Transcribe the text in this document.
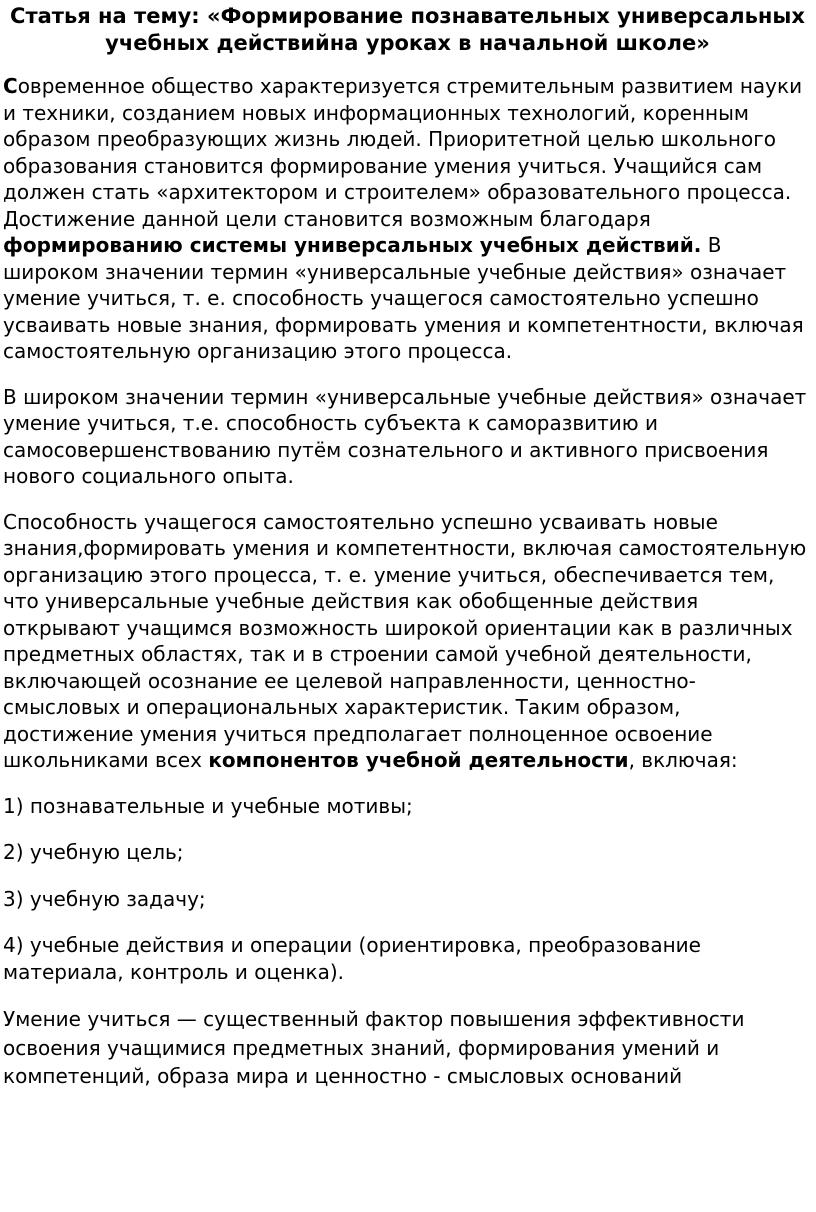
Статья на тему: «Формирование познавательных универсальных учебных действийна уроках в начальной школе»
Современное общество характеризуется стремительным развитием науки и техники, созданием новых информационных технологий, коренным образом преобразующих жизнь людей. Приоритетной целью школьного образования становится формирование умения учиться. Учащийся сам должен стать «архитектором и строителем» образовательного процесса. Достижение данной цели становится возможным благодаря формированию системы универсальных учебных действий. В широком значении термин «универсальные учебные действия» означает умение учиться, т. е. способность учащегося самостоятельно успешно усваивать новые знания, формировать умения и компетентности, включая самостоятельную организацию этого процесса.
В широком значении термин «универсальные учебные действия» означает умение учиться, т.е. способность субъекта к саморазвитию и самосовершенствованию путём сознательного и активного присвоения нового социального опыта.
Способность учащегося самостоятельно успешно усваивать новые знания,формировать умения и компетентности, включая самостоятельную организацию этого процесса, т. е. умение учиться, обеспечивается тем, что универсальные учебные действия как обобщенные действия открывают учащимся возможность широкой ориентации как в различных предметных областях, так и в строении самой учебной деятельности, включающей осознание ее целевой направленности, ценностно-смысловых и операциональных характеристик. Таким образом, достижение умения учиться предполагает полноценное освоение школьниками всех компонентов учебной деятельности, включая:
1) познавательные и учебные мотивы;
2) учебную цель;
3) учебную задачу;
4) учебные действия и операции (ориентировка, преобразование материала, контроль и оценка).
Умение учиться — существенный фактор повышения эффективности освоения учащимися предметных знаний, формирования умений и компетенций, образа мира и ценностно - смысловых оснований
